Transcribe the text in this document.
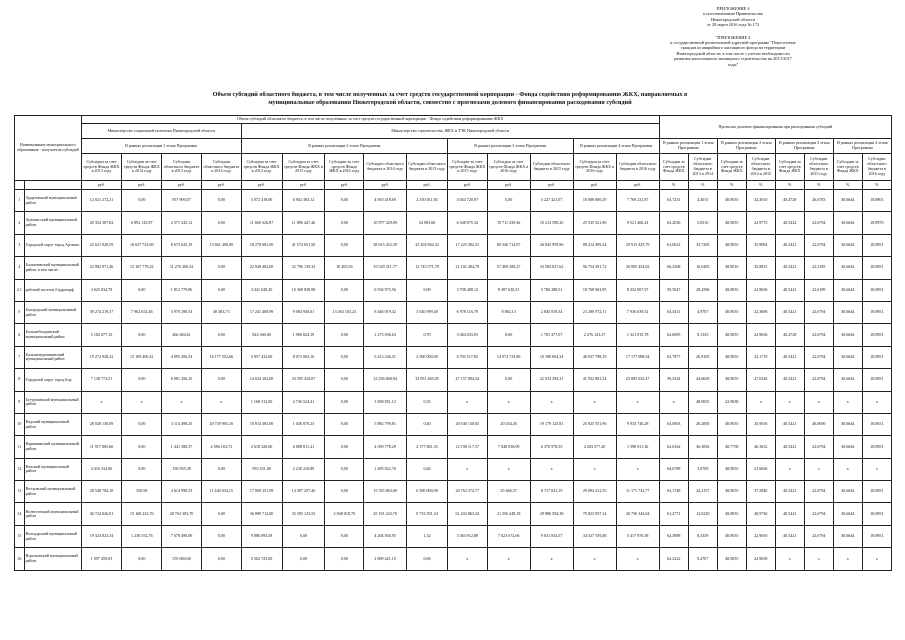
ПРИЛОЖЕНИЕ 4
к постановлению Правительства
Нижегородской области
от 28 марта 2016 года № 172
"ПРИЛОЖЕНИЕ 4
к государственной региональной адресной программе "Переселение
граждан из аварийного жилищного фонда на территории
Нижегородской области, в том числе с учетом необходимости
развития малоэтажного жилищного строительства на 2013-2017
годы"
Объем субсидий областного бюджета, в том числе полученных за счет средств государственной корпорации - Фонда содействия реформированию ЖКХ, направляемых в муниципальные образования Нижегородской области, совместно с прогнозами долевого финансирования расходования субсидий
Наименование муниципального образования - получателя субсидий		Объем субсидий областного бюджета, в том числе полученных за счет средств государственной корпорации - Фонда содействия реформированию ЖКХ														Прогнозы долевого финансирования при расходовании субсидий							
		Министерство социальной политики Нижегородской области				Министерство строительства, ЖКХ и ТЭК Нижегородской области																	
		В рамках реализации 1 этапа Программы				В рамках реализации 2 этапа Программы					В рамках реализации 3 этапа Программы			В рамках реализации 4 этапа Программы		В рамках реализации 1 этапа Программы		В рамках реализации 2 этапа Программы		В рамках реализации 3 этапа Программы		В рамках реализации 4 этапа Программы	
		Субсидии за счет средств Фонда ЖКХ в 2013 году	Субсидии за счет средств Фонда ЖКХ в 2014 году	Субсидии областного бюджета в 2013 году	Субсидии областного бюджета в 2014 году	Субсидии за счет средств Фонда ЖКХ в 2014 году	Субсидии за счет средств Фонда ЖКХ в 2015 году	Субсидии за счет средств Фонда ЖКХ в 2016 году	Субсидии областного бюджета в 2014 году	Субсидии областного бюджета в 2015 году	Субсидии за счет средств Фонда ЖКХ в 2015 году	Субсидии за счет средств Фонда ЖКХ в 2016 году	Субсидии областного бюджета в 2015 году	Субсидии за счет средств Фонда ЖКХ в 2016 году	Субсидии областного бюджета в 2016 году	Субсидии за счет средств Фонда ЖКХ	Субсидии областного бюджета в 2013 и 2014	Субсидии за счет средств Фонда ЖКХ	Субсидии областного бюджета в 2014 и 2015	Субсидии за счет средств Фонда ЖКХ	Субсидии областного бюджета в 2015 году	Субсидии за счет средств Фонда ЖКХ	Субсидии областного бюджета в 2016 году
		руб.	руб.	руб.	руб.	руб.	руб.	руб.	руб.	руб.	руб.	руб.	руб.	руб.	руб.	%	%	%	%	%	%	%	%
1	Ардатовский муниципальный район	12 021 272,21	0,00	957 900,07	0,00	3 072 418,00	6 902 383,12	0,00	4 810 418,69	2 350 011,83	4 044 720,97	0,00	3 227 421,07	10 000 000,29	7 769 231,87	63,7231	4,4015	48,9055	24,3010	40,4728	26,6783	30,6644	18,8801
2	Арзамасский муниципальный район	20 354 387,84	6 892 143,87	2 571 345,12	0,00	11 660 326,87	11 896 447,46	0,00	10 977 329,09	54 903,68	6 548 075,32	19 711 339,36	10 213 590,20	25 535 521,00	9 521 460,24	63,2036	5,0310	48,9055	22,9775	40,5422	22,6794	30,6644	18,8970
3	Городской округ город Арзамас	22 621 928,59	16 637 723,69	8 673 645,19	13 661 400,00	18 278 681,00	41 574 651,50	0,00	28 615 452,39	23 204 864,32	17 223 302,31	80 346 714,87	26 845 959,96	88 214 499,24	29 915 425,79	61,0022	33,7200	48,9055	35,9084	40,3421	22,6794	30,6644	18,8951
4	Балахнинский муниципальный район, в том числе:	23 982 971,46	15 167 779,22	11 276 300,54	0,00	22 949 462,00	52 796 139,32	10 205,56	35 529 311,77	12 745 571,79	21 102 494,79	57 409 380,27	33 584 827,62	56 754 391,72	30 005 454,82	60,2368	10,0483	48,9016	35,8831	40,5421	22,3185	30,6644	18,8951
4.1	рабочий поселок Гидроторф	3 625 034,78	0,00	1 812 779,86	0,00	4 441 638,20	10 369 838,98	0,00	6 934 975,56	0,00	3 708 408,12	8 497 630,51	5 780 288,51	18 768 963,95	8 232 907,97	59,5047	28,2586	48,9055	22,9656	40,5421	22,6189	30,6644	18,8951
5	Богородский муниципальный район	39 274 219,37	7 962 652,46	3 970 290,54	40 383,73	17 241 408,99	9 004 940,01	13 463 103,23	8 446 019,32	3 920 999,40	6 978 116,78	8 882,13	2 845 819,34	21 280 972,11	7 936 639,52	63,5411	4,9707	48,9055	22,3606	40,5421	22,6794	30,6644	18,8951
6	Большеболдинский муниципальный район	5 182 077,16	0,00	466 484,61	0,00	824 360,00	1 900 824,19	0,00	1 273 036,63	0,79	3 364 033,03	0,00	1 781 477,07	2 276 123,37	1 321 815,78	62,6095	8,1335	48,9055	22,9656	40,4728	22,6794	30,6644	18,8951
7	Большемурашкинский муниципальный район	19 272 928,32	15 109 400,41	4 095 206,54	16 177 352,66	3 957 432,00	8 073 063,16	0,00	5 413 246,31	2 500 000,00	6 703 517,85	14 972 733,86	10 180 064,34	46 037 798,19	17 177 088,54	62,7877	26,9105	48,9055	23,1719	40,5421	22,6794	30,6644	18,8951
8	Городской округ город Бор	7 138 774,51	0,00	8 081 456,35	0,00	14 024 162,00	33 595 410,07	0,00	23 256 868,94	33 951 465,95	47 157 804,34	0,00	22 032 394,31	41 932 881,34	23 085 033,47	59,5224	44,6629	48,9055	47,6326	40,5421	22,6794	30,6644	18,8951
9	Бутурлинский муниципальный район	x	x	x	x	1 168 313,00	2 736 524,41	0,00	1 838 851,12	0,55	x	x	x	x	x	x	48,9055	22,9658	x	x	x	x	x
10	Вадский муниципальный район	28 026 130,09	0,00	3 113 498,25	20 739 965,16	10 814 383,00	1 026 070,23	0,00	5 882 799,81	0,40	20 540 130,65	20 434,45	19 179 125,81	25 925 551,96	9 933 746,28	63,0003	20,2850	48,9055	25,9016	40,5421	40,0600	30,6644	18,8651
11	Варнавинский муниципальный район	11 917 805,60	0,00	1 441 380,37	4 586 163,72	2 618 320,00	6 088 811,41	0,00	4 059 778,29	4 177 861,33	12 190 117,57	7 048 038,09	6 370 978,35	4 203 577,20	1 590 911,36	62,6162	36,3092	48,7758	46,3652	40,5421	22,6794	30,6644	18,8951
12	Вачский муниципальный район	4 416 334,86	0,00	158 955,38	0,00	955 451,00	2 230 216,89	0,00	1 495 922,76	0,46	x	x	x	x	x	64,6788	3,0709	48,9055	21,6636	x	x	x	x
13	Ветлужский муниципальный район	28 548 784,10	350,96	4 614 990,53	11 440 034,15	17 069 251,99	14 307 257,46	0,00	15 355 863,00	6 500 000,00	20 763 374,77	25 666,57	8 717 041,19	29 093 412,55	11 171 732,77	63,1748	24,2157	48,9055	37,5840	40,5421	22,6794	30,6644	18,8951
14	Вознесенский муниципальный район	36 724 026,01	15 168 223,76	20 763 303,70	0,00	36 089 712,00	25 595 123,55	2 048 018,70	25 191 243,70	0 752 591,34	61 433 863,34	21 556 448,18	29 886 594,38	79 823 957,14	36 756 343,04	61,2771	13,0229	48,9055	30,9736	40,5421	22,6794	30,6644	18,8951
15	Володарский муниципальный район	19 324 823,34	1 238 552,76	7 678 490,00	0,00	9 886 893,58	0,00	0,00	4 204 836,95	1,32	3 364 912,88	7 623 672,66	9 031 834,57	34 527 559,48	5 417 976,38	62,3888	8,3339	48,9055	22,9650	40,5421	22,6794	30,6644	18,8951
16	Воротынский муниципальный район	1 997 459,03	0,00	370 000,00	0,00	5 502 723,00	0,00	0,00	2 809 421,10	0,06	x	x	x	x	x	62,2222	9,4707	48,9055	22,9658	x	x	x	x
